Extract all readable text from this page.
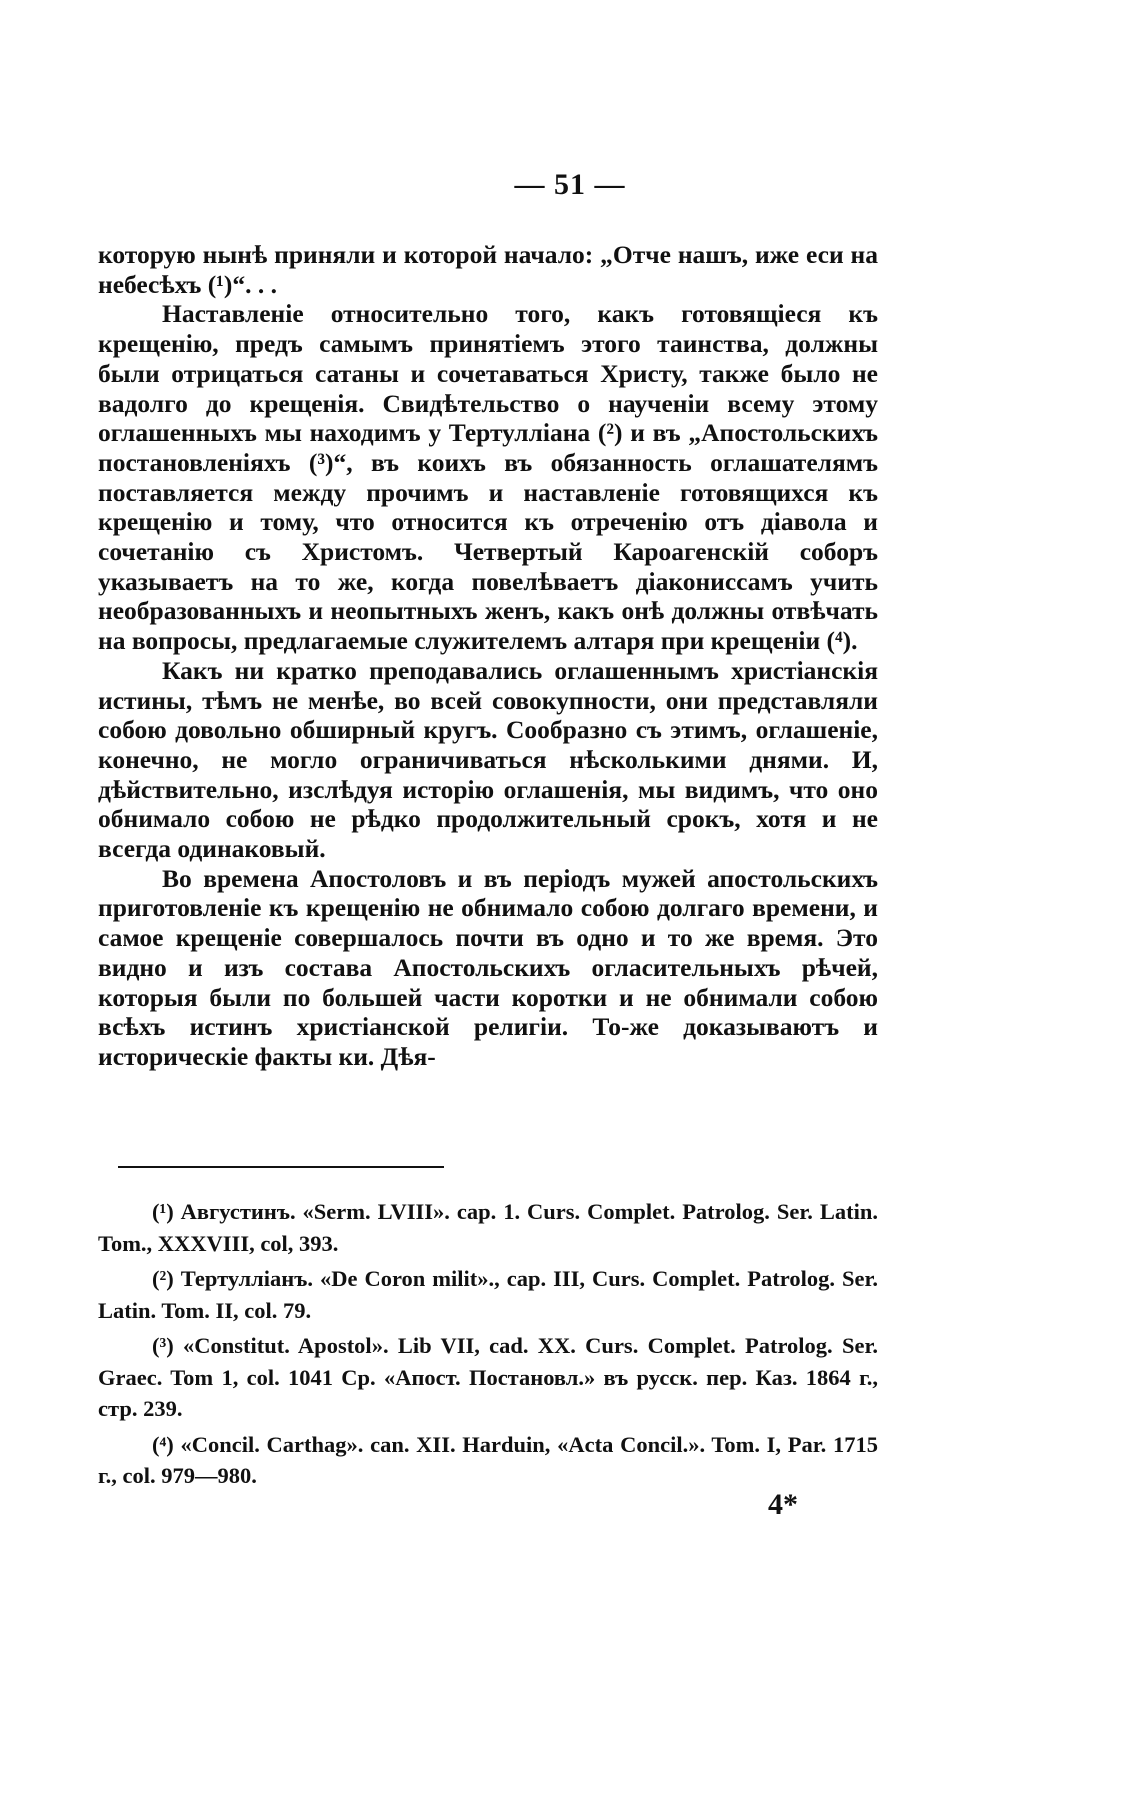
— 51 —

которую нынѣ приняли и которой начало: „Отче нашъ, иже еси на небесѣхъ (¹)“. . .

Наставленіе относительно того, какъ готовящіеся къ крещенію, предъ самымъ принятіемъ этого таинства, должны были отрицаться сатаны и сочетаваться Христу, также было не вадолго до крещенія. Свидѣтельство о наученіи всему этому оглашенныхъ мы находимъ у Тертулліана (²) и въ „Апостольскихъ постановленіяхъ (³)“, въ коихъ въ обязанность оглашателямъ поставляется между прочимъ и наставленіе готовящихся къ крещенію и тому, что относится къ отреченію отъ діавола и сочетанію съ Христомъ. Четвертый Кароагенскій соборъ указываетъ на то же, когда повелѣваетъ діакониссамъ учить необразованныхъ и неопытныхъ женъ, какъ онѣ должны отвѣчать на вопросы, предлагаемые служителемъ алтаря при крещеніи (⁴).

Какъ ни кратко преподавались оглашеннымъ христіанскія истины, тѣмъ не менѣе, во всей совокупности, они представляли собою довольно обширный кругъ. Сообразно съ этимъ, оглашеніе, конечно, не могло ограничиваться нѣсколькими днями. И, дѣйствительно, изслѣдуя исторію оглашенія, мы видимъ, что оно обнимало собою не рѣдко продолжительный срокъ, хотя и не всегда одинаковый.

Во времена Апостоловъ и въ періодъ мужей апостольскихъ приготовленіе къ крещенію не обнимало собою долгаго времени, и самое крещеніе совершалось почти въ одно и то же время. Это видно и изъ состава Апостольскихъ огласительныхъ рѣчей, которыя были по большей части коротки и не обнимали собою всѣхъ истинъ христіанской религіи. То-же доказываютъ и историческіе факты ки. Дѣя-

(¹) Августинъ. «Serm. LVIII». cap. 1. Curs. Complet. Patrolog. Ser. Latin. Tom., XXXVIII, col, 393.

(²) Тертулліанъ. «De Coron milit»., cap. III, Curs. Complet. Patrolog. Ser. Latin. Tom. II, col. 79.

(³) «Constitut. Apostol». Lib VII, cad. XX. Curs. Complet. Patrolog. Ser. Graec. Tom 1, col. 1041 Ср. «Апост. Постановл.» въ русск. пер. Каз. 1864 г., стр. 239.

(⁴) «Concil. Carthag». can. XII. Harduin, «Acta Concil.». Tom. I, Par. 1715 г., col. 979—980.

4*
